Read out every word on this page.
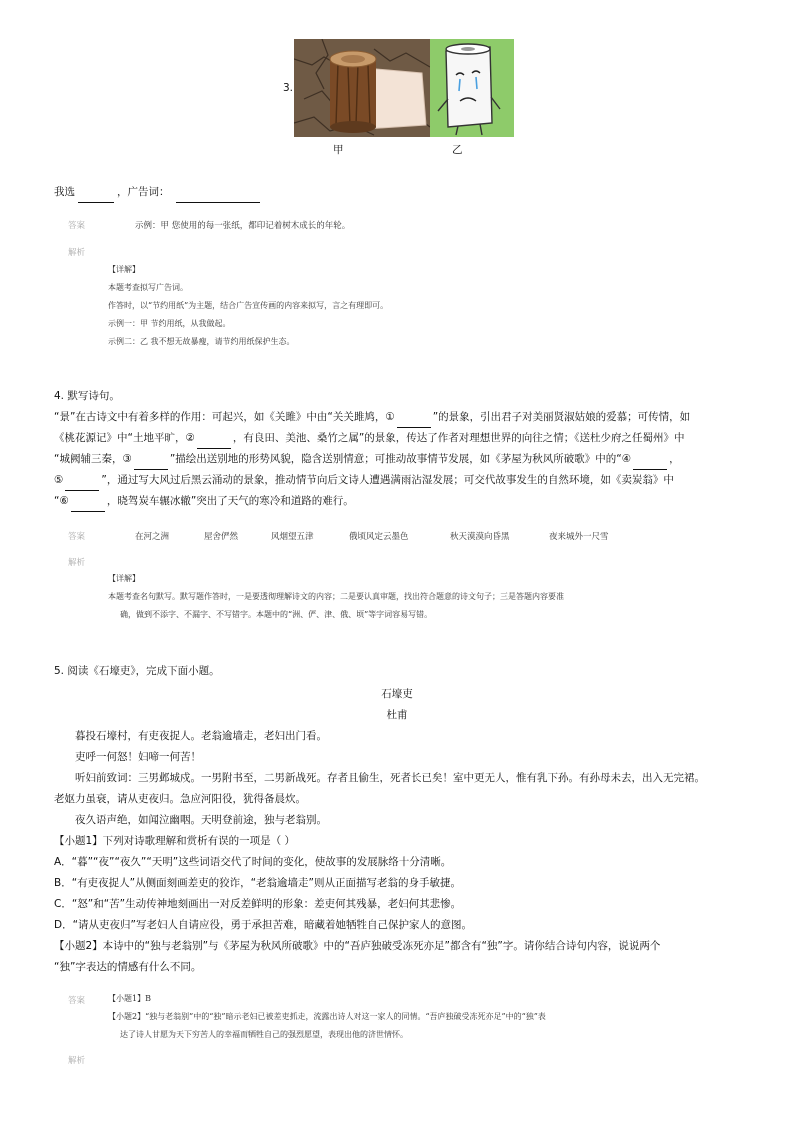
3.
甲	乙
我选	，广告词：
答案	示例：甲 您使用的每一张纸，都印记着树木成长的年轮。
解析
【详解】
本题考查拟写广告词。
作答时，以“节约用纸”为主题，结合广告宣传画的内容来拟写，言之有理即可。
示例一：甲 节约用纸，从我做起。
示例二：乙 我不想无故暴瘦，请节约用纸保护生态。
4. 默写诗句。
“景”在古诗文中有着多样的作用：可起兴，如《关雎》中由“关关雎鸠，①	”的景象，引出君子对美丽贤淑姑娘的爱慕；可传情，如
《桃花源记》中“土地平旷，②	，有良田、美池、桑竹之属”的景象，传达了作者对理想世界的向往之情；《送杜少府之任蜀州》中
“城阙辅三秦，③	”描绘出送别地的形势风貌，隐含送别情意；可推动故事情节发展，如《茅屋为秋风所破歌》中的“④	，
⑤	”，通过写大风过后黑云涌动的景象，推动情节向后文诗人遭遇满雨沾湿发展；可交代故事发生的自然环境，如《卖炭翁》中
“⑥	，晓驾炭车辗冰辙”突出了天气的寒冷和道路的难行。
答案	在河之洲	屋舍俨然	风烟望五津	俄顷风定云墨色	秋天漠漠向昏黑	夜来城外一尺雪
解析
【详解】
本题考查名句默写。默写题作答时，一是要透彻理解诗文的内容；二是要认真审题，找出符合题意的诗文句子；三是答题内容要准
确，做到不添字、不漏字、不写错字。本题中的“洲、俨、津、俄、顷”等字词容易写错。
5. 阅读《石壕吏》，完成下面小题。
石壕吏
杜甫
暮投石壕村，有吏夜捉人。老翁逾墙走，老妇出门看。
吏呼一何怒！妇啼一何苦！
听妇前致词：三男邺城戍。一男附书至，二男新战死。存者且偷生，死者长已矣！室中更无人，惟有乳下孙。有孙母未去，出入无完裙。
老妪力虽衰，请从吏夜归。急应河阳役，犹得备晨炊。
夜久语声绝，如闻泣幽咽。天明登前途，独与老翁别。
【小题1】下列对诗歌理解和赏析有误的一项是（ ）
A．“暮”“夜”“夜久”“天明”这些词语交代了时间的变化，使故事的发展脉络十分清晰。
B．“有吏夜捉人”从侧面刻画差吏的狡诈，“老翁逾墙走”则从正面描写老翁的身手敏捷。
C．“怒”和“苦”生动传神地刻画出一对反差鲜明的形象：差吏何其残暴，老妇何其悲惨。
D．“请从吏夜归”写老妇人自请应役，勇于承担苦难，暗藏着她牺牲自己保护家人的意图。
【小题2】本诗中的“独与老翁别”与《茅屋为秋风所破歌》中的“吾庐独破受冻死亦足”都含有“独”字。请你结合诗句内容，说说两个
“独”字表达的情感有什么不同。
答案	【小题1】B
【小题2】“独与老翁别”中的“独”暗示老妇已被差吏抓走，流露出诗人对这一家人的同情。“吾庐独破受冻死亦足”中的“独”表
达了诗人甘愿为天下穷苦人的幸福而牺牲自己的强烈愿望，表现出他的济世情怀。
解析
